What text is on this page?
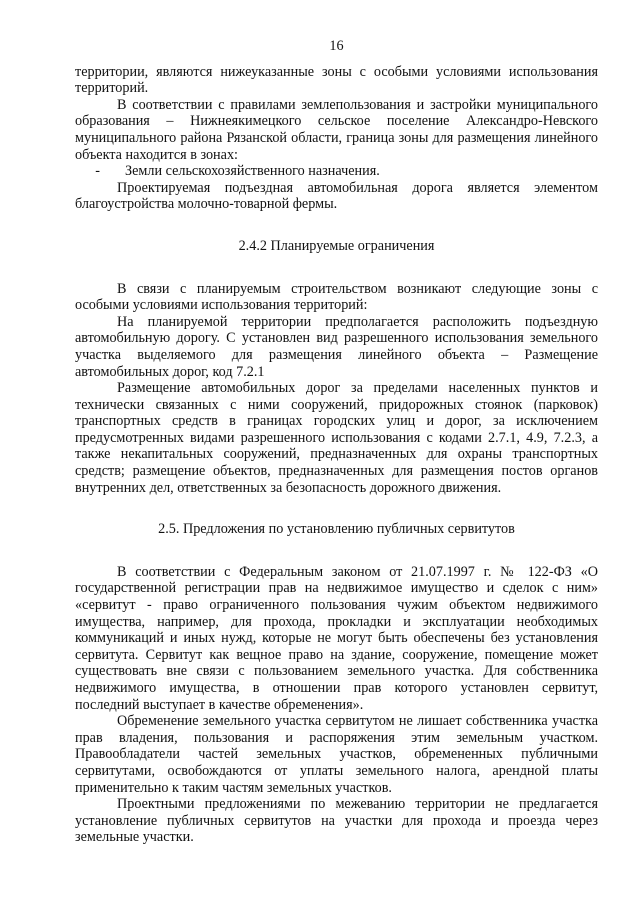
16

территории, являются нижеуказанные зоны с особыми условиями использования территорий.

В соответствии с правилами землепользования и застройки муниципального образования – Нижнеякимецкого сельское поселение Александро-Невского муниципального района Рязанской области, граница зоны для размещения линейного объекта находится в зонах:

-	Земли сельскохозяйственного назначения.

Проектируемая подъездная автомобильная дорога является элементом благоустройства молочно-товарной фермы.

2.4.2 Планируемые ограничения

В связи с планируемым строительством возникают следующие зоны с особыми условиями использования территорий:

На планируемой территории предполагается расположить подъездную автомобильную дорогу. С установлен вид разрешенного использования земельного участка выделяемого для размещения линейного объекта – Размещение автомобильных дорог, код 7.2.1

Размещение автомобильных дорог за пределами населенных пунктов и технически связанных с ними сооружений, придорожных стоянок (парковок) транспортных средств в границах городских улиц и дорог, за исключением предусмотренных видами разрешенного использования с кодами 2.7.1, 4.9, 7.2.3, а также некапитальных сооружений, предназначенных для охраны транспортных средств; размещение объектов, предназначенных для размещения постов органов внутренних дел, ответственных за безопасность дорожного движения.

2.5. Предложения по установлению публичных сервитутов

В соответствии с Федеральным законом от 21.07.1997 г. № 122-ФЗ «О государственной регистрации прав на недвижимое имущество и сделок с ним» «сервитут - право ограниченного пользования чужим объектом недвижимого имущества, например, для прохода, прокладки и эксплуатации необходимых коммуникаций и иных нужд, которые не могут быть обеспечены без установления сервитута. Сервитут как вещное право на здание, сооружение, помещение может существовать вне связи с пользованием земельного участка. Для собственника недвижимого имущества, в отношении прав которого установлен сервитут, последний выступает в качестве обременения».

Обременение земельного участка сервитутом не лишает собственника участка прав владения, пользования и распоряжения этим земельным участком. Правообладатели частей земельных участков, обремененных публичными сервитутами, освобождаются от уплаты земельного налога, арендной платы применительно к таким частям земельных участков.

Проектными предложениями по межеванию территории не предлагается установление публичных сервитутов на участки для прохода и проезда через земельные участки.
